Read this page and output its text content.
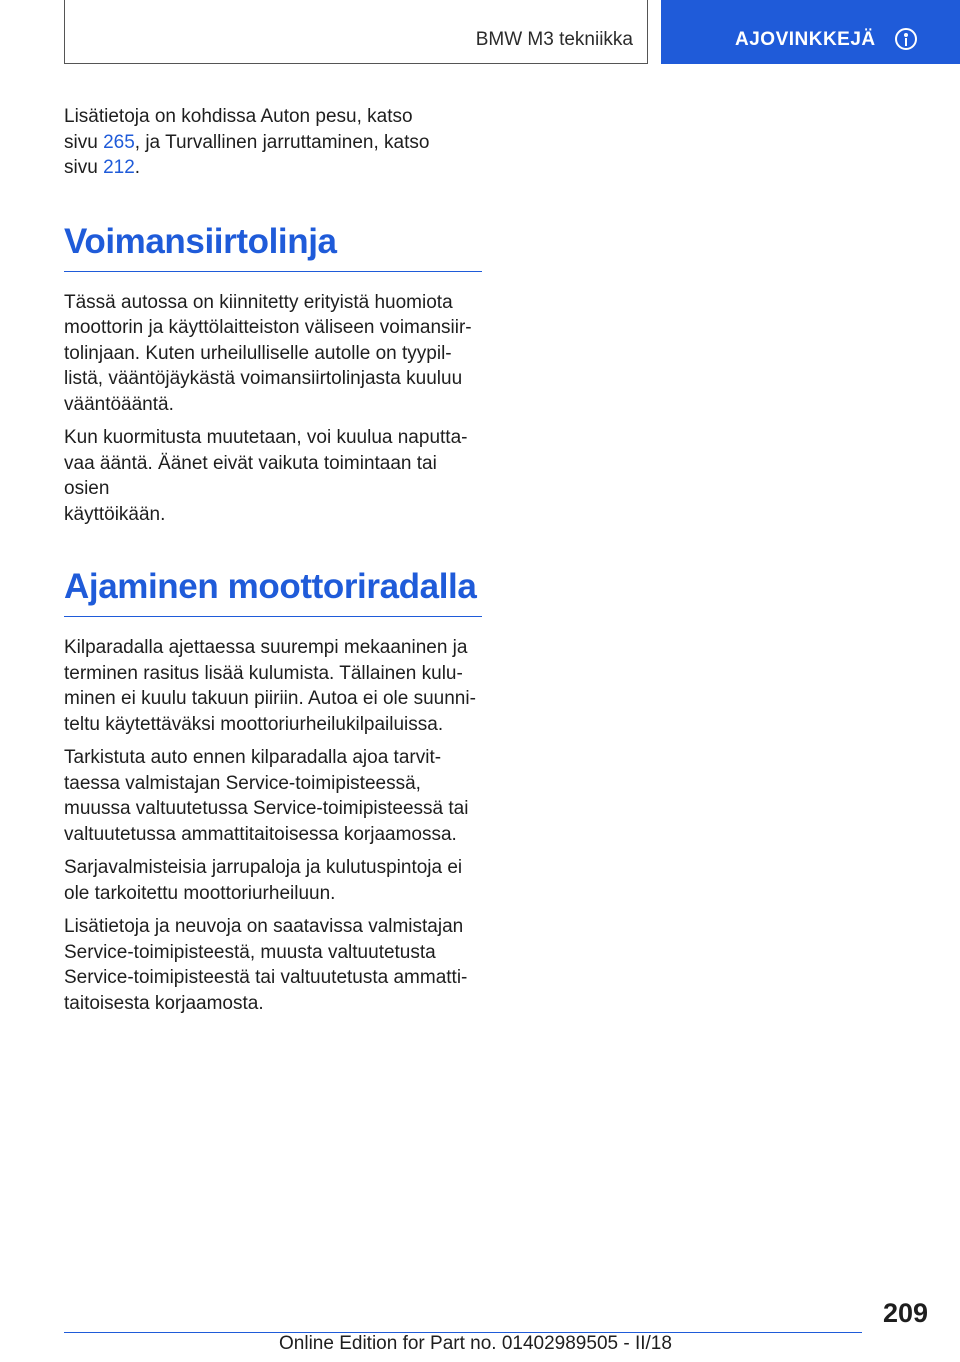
BMW M3 tekniikka	AJOVINKKEJÄ

Lisätietoja on kohdissa Auton pesu, katso
sivu 265, ja Turvallinen jarruttaminen, katso
sivu 212.

Voimansiirtolinja

Tässä autossa on kiinnitetty erityistä huomiota
moottorin ja käyttölaitteiston väliseen voimansiir-
tolinjaan. Kuten urheilulliselle autolle on tyypil-
listä, vääntöjäykästä voimansiirtolinjasta kuuluu
vääntöääntä.

Kun kuormitusta muutetaan, voi kuulua naputta-
vaa ääntä. Äänet eivät vaikuta toimintaan tai osien
käyttöikään.

Ajaminen moottoriradalla

Kilparadalla ajettaessa suurempi mekaaninen ja
terminen rasitus lisää kulumista. Tällainen kulu-
minen ei kuulu takuun piiriin. Autoa ei ole suunni-
teltu käytettäväksi moottoriurheilukilpailuissa.

Tarkistuta auto ennen kilparadalla ajoa tarvit-
taessa valmistajan Service-toimipisteessä,
muussa valtuutetussa Service-toimipisteessä tai
valtuutetussa ammattitaitoisessa korjaamossa.

Sarjavalmisteisia jarrupaloja ja kulutuspintoja ei
ole tarkoitettu moottoriurheiluun.

Lisätietoja ja neuvoja on saatavissa valmistajan
Service-toimipisteestä, muusta valtuutetusta
Service-toimipisteestä tai valtuutetusta ammatti-
taitoisesta korjaamosta.

209
Online Edition for Part no. 01402989505 - II/18
